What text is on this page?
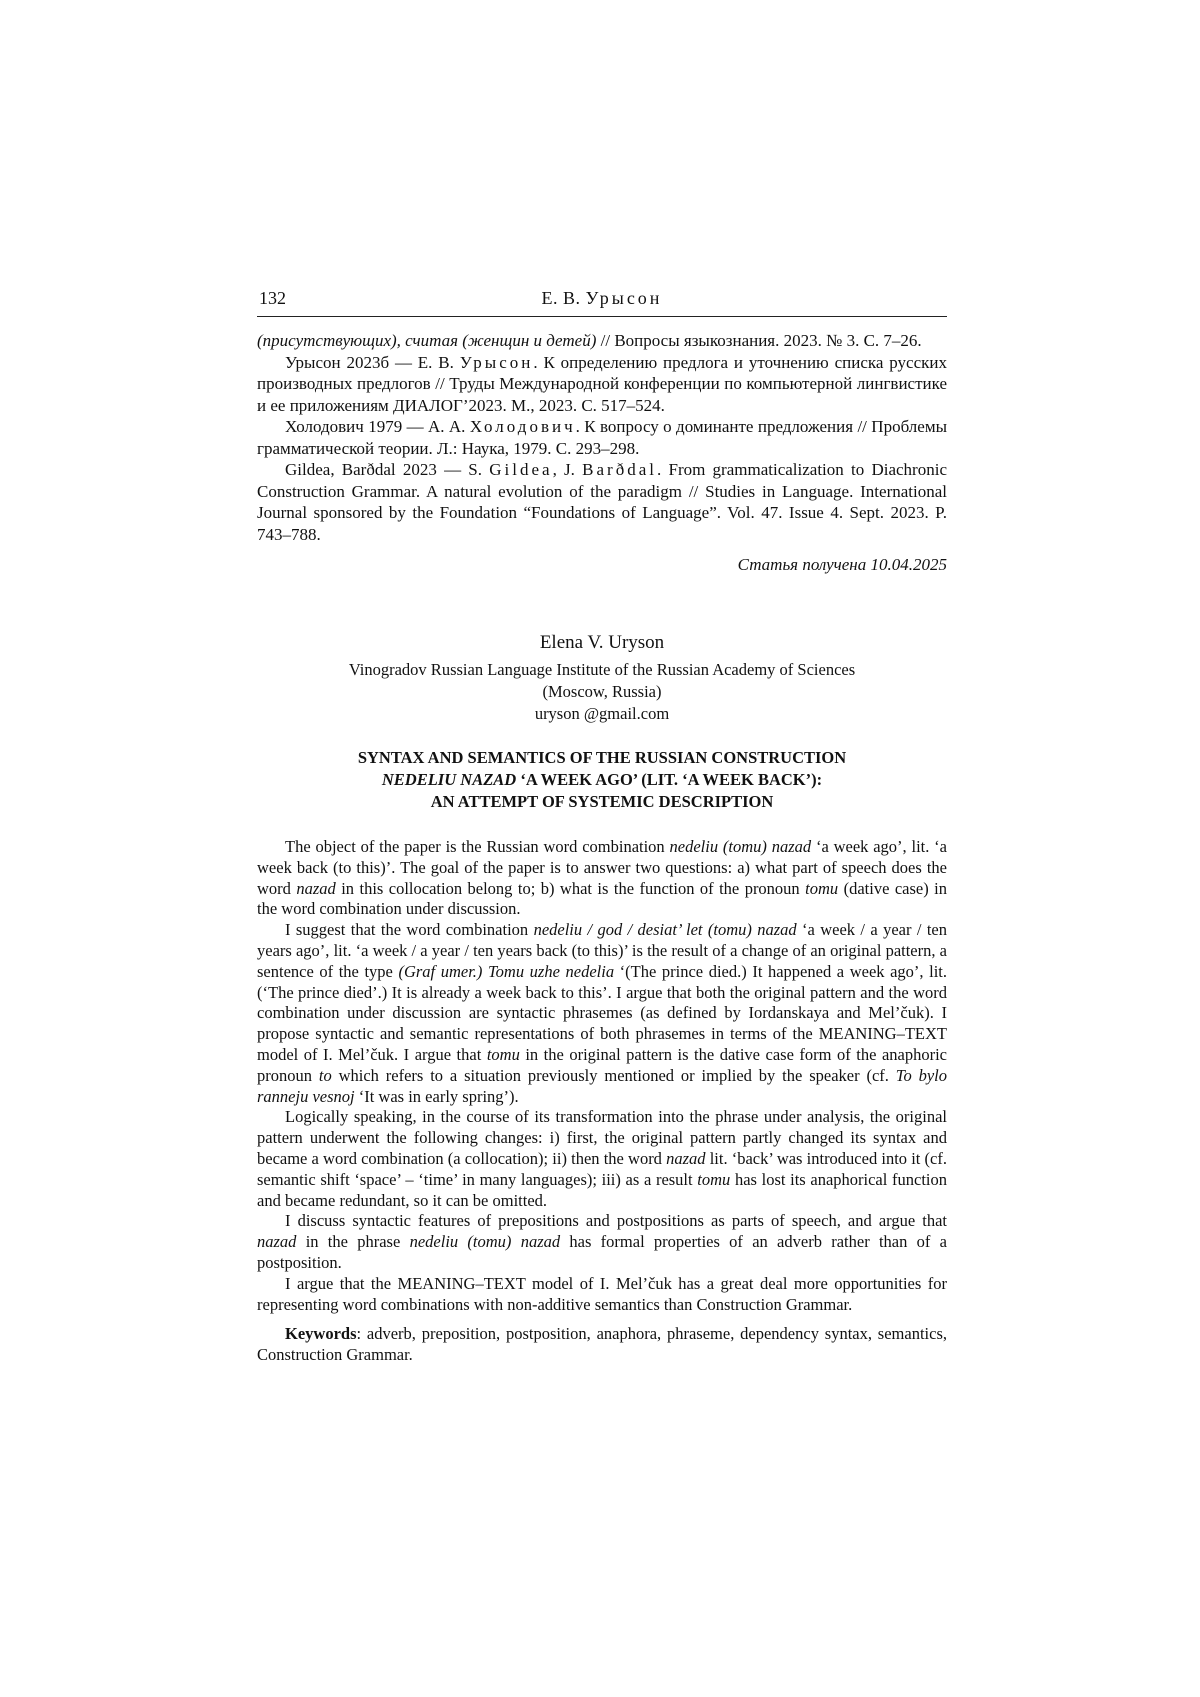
132	Е. В. Урысон

(присутствующих), считая (женщин и детей) // Вопросы языкознания. 2023. № 3. С. 7–26.

Урысон 2023б — Е. В. Урысон. К определению предлога и уточнению списка русских производных предлогов // Труды Международной конференции по компьютерной лингвистике и ее приложениям ДИАЛОГ’2023. М., 2023. С. 517–524.

Холодович 1979 — А. А. Холодович. К вопросу о доминанте предложения // Проблемы грамматической теории. Л.: Наука, 1979. С. 293–298.

Gildea, Barðdal 2023 — S. Gildea, J. Barðdal. From grammaticalization to Diachronic Construction Grammar. A natural evolution of the paradigm // Studies in Language. International Journal sponsored by the Foundation “Foundations of Language”. Vol. 47. Issue 4. Sept. 2023. P. 743–788.

Статья получена 10.04.2025
Elena V. Uryson
Vinogradov Russian Language Institute of the Russian Academy of Sciences
(Moscow, Russia)
uryson @gmail.com
SYNTAX AND SEMANTICS OF THE RUSSIAN CONSTRUCTION
NEDELIU NAZAD ‘A WEEK AGO’ (LIT. ‘A WEEK BACK’):
AN ATTEMPT OF SYSTEMIC DESCRIPTION

The object of the paper is the Russian word combination nedeliu (tomu) nazad ‘a week ago’, lit. ‘a week back (to this)’. The goal of the paper is to answer two questions: a) what part of speech does the word nazad in this collocation belong to; b) what is the function of the pronoun tomu (dative case) in the word combination under discussion.

I suggest that the word combination nedeliu / god / desiat’ let (tomu) nazad ‘a week / a year / ten years ago’, lit. ‘a week / a year / ten years back (to this)’ is the result of a change of an original pattern, a sentence of the type (Graf umer.) Tomu uzhe nedelia ‘(The prince died.) It happened a week ago’, lit. (‘The prince died’.) It is already a week back to this’. I argue that both the original pattern and the word combination under discussion are syntactic phrasemes (as defined by Iordanskaya and Mel’čuk). I propose syntactic and semantic representations of both phrasemes in terms of the MEANING–TEXT model of I. Mel’čuk. I argue that tomu in the original pattern is the dative case form of the anaphoric pronoun to which refers to a situation previously mentioned or implied by the speaker (cf. To bylo ranneju vesnoj ‘It was in early spring’).

Logically speaking, in the course of its transformation into the phrase under analysis, the original pattern underwent the following changes: i) first, the original pattern partly changed its syntax and became a word combination (a collocation); ii) then the word nazad lit. ‘back’ was introduced into it (cf. semantic shift ‘space’ – ‘time’ in many languages); iii) as a result tomu has lost its anaphorical function and became redundant, so it can be omitted.

I discuss syntactic features of prepositions and postpositions as parts of speech, and argue that nazad in the phrase nedeliu (tomu) nazad has formal properties of an adverb rather than of a postposition.

I argue that the MEANING–TEXT model of I. Mel’čuk has a great deal more opportunities for representing word combinations with non-additive semantics than Construction Grammar.

Keywords: adverb, preposition, postposition, anaphora, phraseme, dependency syntax, semantics, Construction Grammar.
